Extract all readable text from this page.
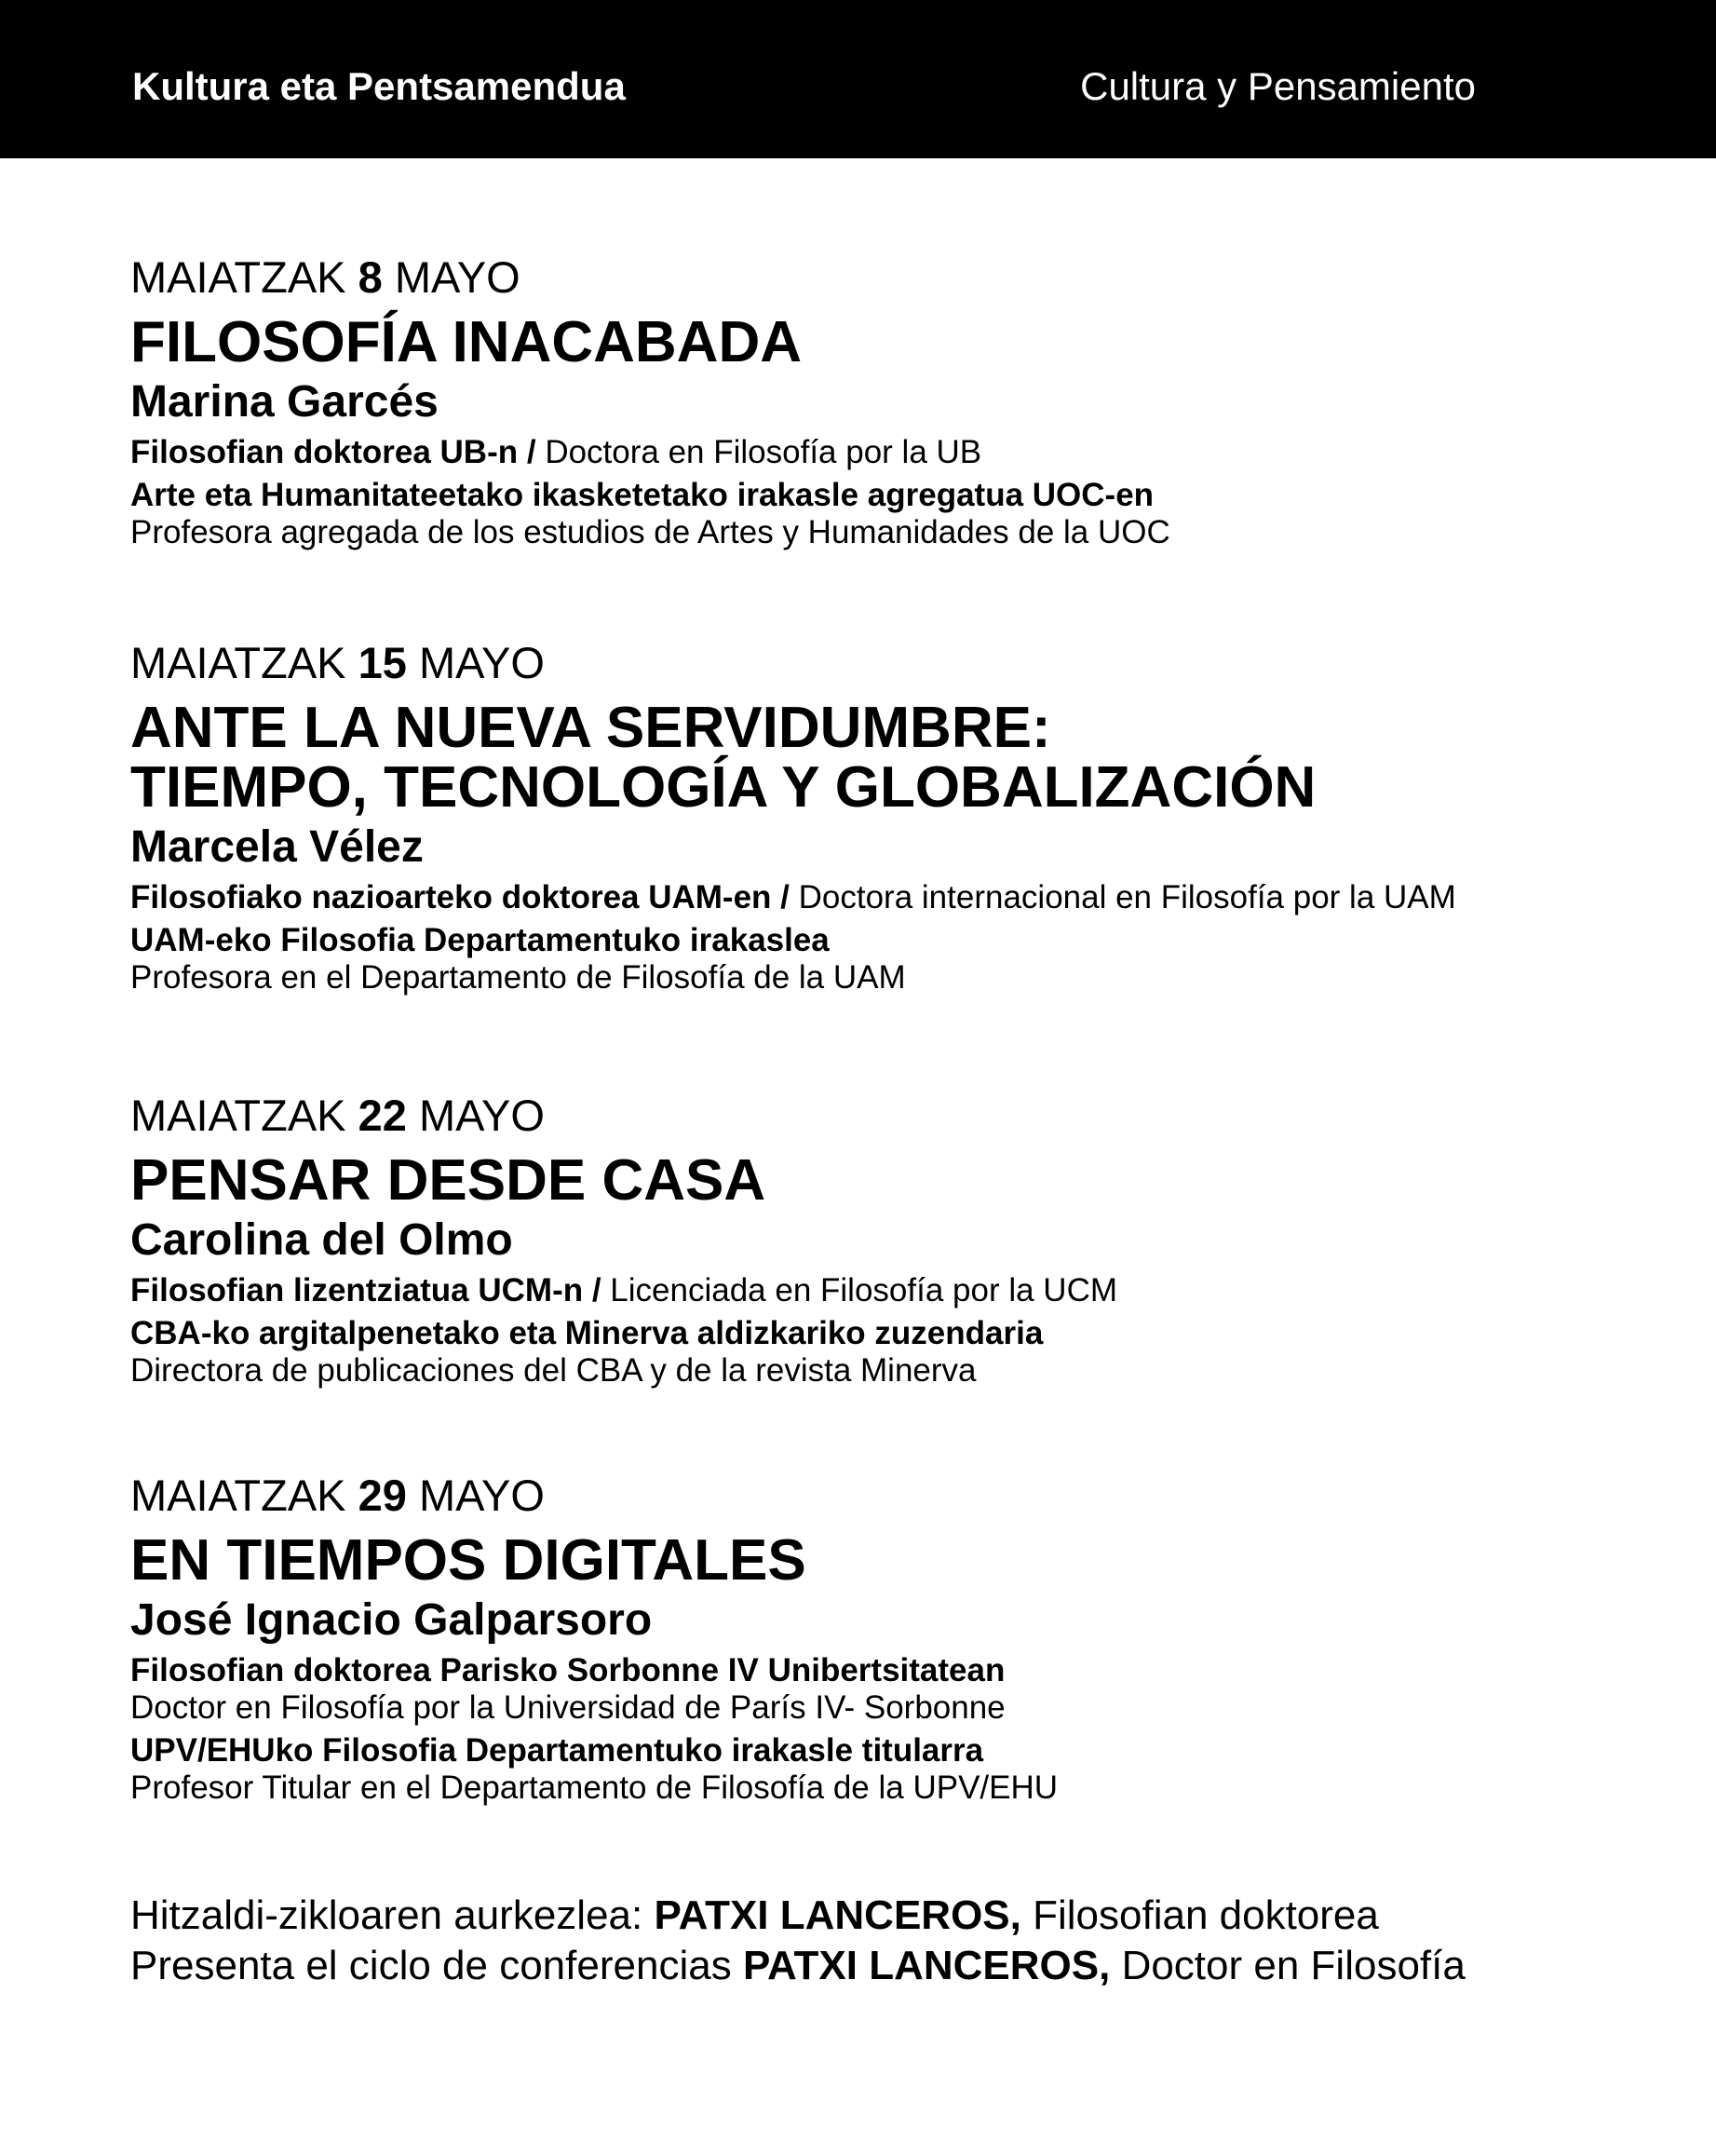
Kultura eta Pentsamendua	Cultura y Pensamiento

MAIATZAK 8 MAYO

FILOSOFÍA INACABADA
Marina Garcés

Filosofian doktorea UB-n / Doctora en Filosofía por la UB

Arte eta Humanitateetako ikasketetako irakasle agregatua UOC-en

Profesora agregada de los estudios de Artes y Humanidades de la UOC

MAIATZAK 15 MAYO

ANTE LA NUEVA SERVIDUMBRE:
TIEMPO, TECNOLOGÍA Y GLOBALIZACIÓN
Marcela Vélez

Filosofiako nazioarteko doktorea UAM-en / Doctora internacional en Filosofía por la UAM

UAM-eko Filosofia Departamentuko irakaslea

Profesora en el Departamento de Filosofía de la UAM

MAIATZAK 22 MAYO

PENSAR DESDE CASA
Carolina del Olmo

Filosofian lizentziatua UCM-n / Licenciada en Filosofía por la UCM

CBA-ko argitalpenetako eta Minerva aldizkariko zuzendaria

Directora de publicaciones del CBA y de la revista Minerva

MAIATZAK 29 MAYO

EN TIEMPOS DIGITALES
José Ignacio Galparsoro

Filosofian doktorea Parisko Sorbonne IV Unibertsitatean

Doctor en Filosofía por la Universidad de París IV- Sorbonne

UPV/EHUko Filosofia Departamentuko irakasle titularra

Profesor Titular en el Departamento de Filosofía de la UPV/EHU

Hitzaldi-zikloaren aurkezlea: PATXI LANCEROS, Filosofian doktorea

Presenta el ciclo de conferencias PATXI LANCEROS, Doctor en Filosofía
